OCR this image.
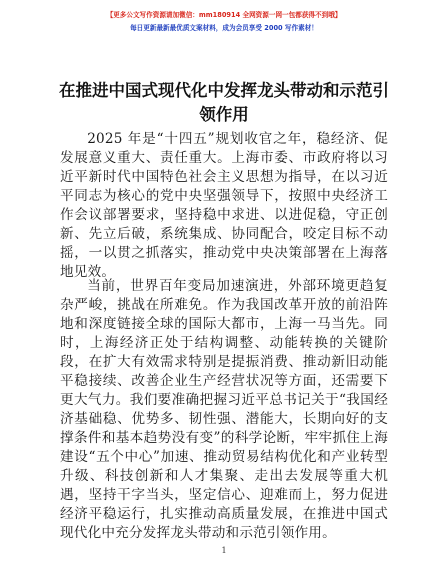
【更多公文写作资源请加微信：mm180914 全网资源一网一包都获得不到哦】
每日更新最新最优质文案材料，成为会员享受 2000 写作素材！
在推进中国式现代化中发挥龙头带动和示范引领作用

2025 年是“十四五”规划收官之年，稳经济、促发展意义重大、责任重大。上海市委、市政府将以习近平新时代中国特色社会主义思想为指导，在以习近平同志为核心的党中央坚强领导下，按照中央经济工作会议部署要求，坚持稳中求进、以进促稳，守正创新、先立后破，系统集成、协同配合，咬定目标不动摇，一以贯之抓落实，推动党中央决策部署在上海落地见效。

当前，世界百年变局加速演进，外部环境更趋复杂严峻，挑战在所难免。作为我国改革开放的前沿阵地和深度链接全球的国际大都市，上海一马当先。同时，上海经济正处于结构调整、动能转换的关键阶段，在扩大有效需求特别是提振消费、推动新旧动能平稳接续、改善企业生产经营状况等方面，还需要下更大气力。我们要准确把握习近平总书记关于“我国经济基础稳、优势多、韧性强、潜能大，长期向好的支撑条件和基本趋势没有变”的科学论断，牢牢抓住上海建设“五个中心”加速、推动贸易结构优化和产业转型升级、科技创新和人才集聚、走出去发展等重大机遇，坚持干字当头，坚定信心、迎难而上，努力促进经济平稳运行，扎实推动高质量发展，在推进中国式现代化中充分发挥龙头带动和示范引领作用。

1
